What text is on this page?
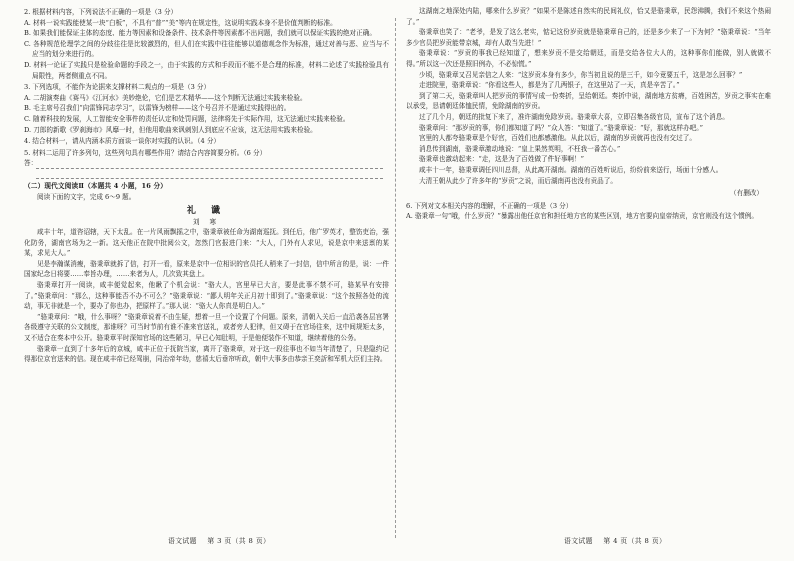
2. 根据材料内容，下列说法不正确的一项是（3 分）

A. 材料一说实践能使某一块“白板”，不具有“普”“美”等内在规定性，这说明实践本身不是价值判断的标准。

B. 如果我们能保证主体的态度、能力等因素和设备条件、技术条件等因素都不出问题，我们就可以保证实践的绝对正确。

C. 各种规范伦理学之间的分歧往往是比较激烈的，但人们在实践中往往能够以道德观念作为标准，通过对善与恶、应当与不应当的划分来进行的。

D. 材料一论证了实践只是检验命题的手段之一，由于实践的方式和手段而不能不是合理的标准，材料二论述了实践检验具有局限性，两者侧重点不同。

3. 下列选项，不能作为论据来支撑材料二观点的一项是（3 分）

A. 二胡演奏曲《赛马》《江河水》美妙绝伦，它们是艺术精华——这个判断无法通过实践来检验。

B. 毛主席号召我们“向雷锋同志学习”，以雷锋为榜样——这个号召并不是通过实践得出的。

C. 随着科技的发展，人工智能安全事件的责任认定和处罚问题，法律将先于实际作用，这无法通过实践来检验。

D. 刀郎的新歌《罗刹海市》风靡一时，但他用歌曲来讽刺别人到底应不应该，这无法用实践来检验。

4. 结合材料一，请从内涵本质方面谈一谈你对实践的认识。（4 分）

5. 材料二运用了许多列句，这些列句具有哪些作用？请结合内容简要分析。（6 分）

答：

（二）现代文阅读Ⅱ（本题共 4 小题，16 分）

阅读下面的文字，完成 6～9 题。

礼 谶

刘 寒

咸丰十年，道咨诏辖，天下太乱。在一片风雨飘摇之中，骆秉章被任命为湖南巡抚。到任后，他广罗英才，整饬吏治，强化防务，湖南官场为之一新。这天他正在院中批阅公文，忽然门官报进门来：“大人，门外有人求见，说是京中来送禀的某某，求见大人。”

见是李瀚谋消瘦，骆秉章就拆了信，打开一看，原来是京中一位相识的官员托人稍来了一封信，信中所言的是，说：一件国家纪念日将要……奉旨办理，……来者为人，几次致其盘上。

骆秉章打开一阅读，咸丰便觉起来，他瞅了个机会说：“骆大人，宫里早已大言，要是此事不禁不可，骆某早有安排了。”骆秉章问：“那么，这种事能否不办不可么？”骆秉章说：“鄙人明年关正月初十即到了。”骆秉章说：“这个按照各处的流动，事无非就是一个，要办了你也办，把原样了。”那人说：“骆大人你真是明白人。”

“骆秉章问：“哦，什么事呀？”骆秉章说着不由生疑，想着一旦一个设置了个问题。原来，清朝入关后一直沿袭各层宫署各级遵守关联的公文制度，那谁呀？可当时节前有谁不准来官送礼，或者旁人犯律，但又碍于在官场往来，这中间规矩太多，又不适合在奏本中公开。骆秉章平时深知官场的这些陋习，早已心知肚明，于是他便装作不知道，继续着他的公务。

骆秉章一直到了十多年后的京城，咸丰正位于抚院当家，离开了骆秉章，对于这一段往事也不如当年清楚了，只是隐约记得那位京官送来的信。现在咸丰帝已经驾崩，同治帝年幼，慈禧太后垂帘听政，朝中大事多由恭亲王奕訢和军机大臣们主持。

这湖南之地深处内陆，哪来什么岁贡？”如果不是陈述自然实的民间礼仪，恰又是骆秉章，民怨沸腾，我们不来这个热闹了。”

骆秉章也笑了：“老爷，是发了这么老实，惦记这份岁贡就是骆秉章自己的，还是多少来了一下为何？”骆秉章说：“当年多少官员把岁贡能带京城，却有人敢当先进！”

骆秉章说：“岁贡的事我已经知道了，想来岁贡不是交给朝廷，而是交给各位大人的，这种事你们能做，别人就做不得。”所以这一次还是照旧例办，不必惊慌。”

少顷，骆秉章又召见亲信之人来：“这岁贡本身有多少，你当初且说的是三千，如今竟要五千，这是怎么回事？”

走进院里，骆秉章说：“你看这些人，都是为了几两银子，在这里站了一天，真是辛苦了。”

到了第二天，骆秉章叫人把岁贡的事情写成一份奏折，呈给朝廷。奏折中说，湖南地方贫瘠，百姓困苦，岁贡之事实在难以承受，恳请朝廷体恤民情，免除湖南的岁贡。

过了几个月，朝廷的批复下来了，准许湖南免除岁贡。骆秉章大喜，立即召集各级官员，宣布了这个消息。

骆秉章问：“那岁贡的事，你们都知道了吗？”众人答：“知道了。”骆秉章说：“好，那就这样办吧。”

宫里的人都夸骆秉章是个好官，百姓们也都感激他。从此以后，湖南的岁贡就再也没有交过了。

消息传到湖南，骆秉章激动地说：“皇上果然英明，不枉我一番苦心。”

骆秉章也激动起来：“走，这是为了百姓做了件好事啊！”

咸丰十一年，骆秉章调任四川总督，从此离开湖南。湖南的百姓听说后，纷纷前来送行，场面十分感人。

大清王朝从此少了许多年的“岁贡”之说，而后湖南再也没有贡品了。

（有删改）

6. 下列对文本相关内容的理解，不正确的一项是（3 分）

A. 骆秉章一句“哦，什么岁贡？”暴露出他任京官和担任地方官的某些区别，地方官要向皇帝纳贡，京官则没有这个惯例。

语文试题 第 3 页（共 8 页）	语文试题 第 4 页（共 8 页）
